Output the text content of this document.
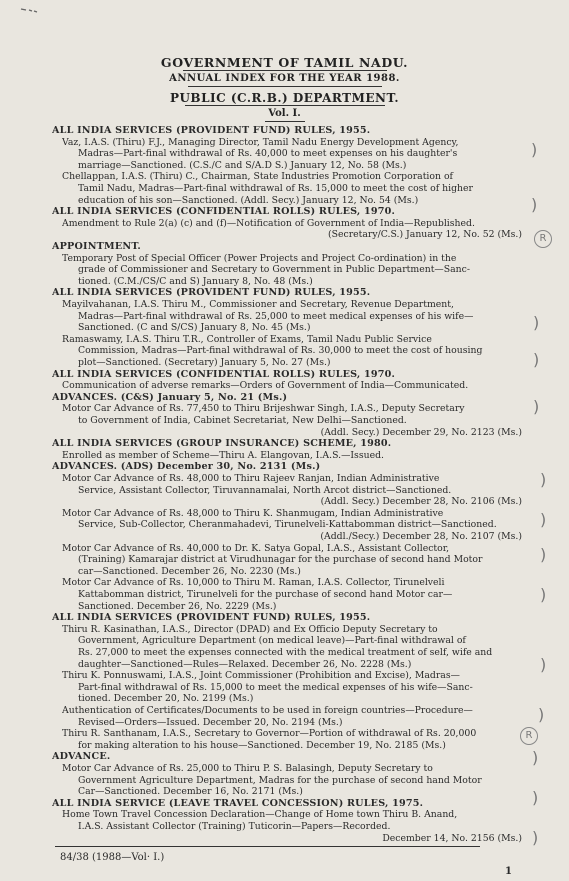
GOVERNMENT OF TAMIL NADU.
ANNUAL INDEX FOR THE YEAR 1988.
PUBLIC (C.R.B.) DEPARTMENT.
Vol. I.
ALL INDIA SERVICES (PROVIDENT FUND) RULES, 1955.
Vaz, I.A.S. (Thiru) F.J., Managing Director, Tamil Nadu Energy Development Agency,
Madras—Part-final withdrawal of Rs. 40,000 to meet expenses on his daughter's
marriage—Sanctioned. (C.S./C and S/A.D S.) January 12, No. 58 (Ms.)
Chellappan, I.A.S. (Thiru) C., Chairman, State Industries Promotion Corporation of
Tamil Nadu, Madras—Part-final withdrawal of Rs. 15,000 to meet the cost of higher
education of his son—Sanctioned. (Addl. Secy.) January 12, No. 54 (Ms.)
ALL INDIA SERVICES (CONFIDENTIAL ROLLS) RULES, 1970.
Amendment to Rule 2(a) (c) and (f)—Notification of Government of India—Republished.
(Secretary/C.S.) January 12, No. 52 (Ms.)
APPOINTMENT.
Temporary Post of Special Officer (Power Projects and Project Co-ordination) in the
grade of Commissioner and Secretary to Government in Public Department—Sanc-
tioned. (C.M./CS/C and S) January 8, No. 48 (Ms.)
ALL INDIA SERVICES (PROVIDENT FUND) RULES, 1955.
Mayilvahanan, I.A.S. Thiru M., Commissioner and Secretary, Revenue Department,
Madras—Part-final withdrawal of Rs. 25,000 to meet medical expenses of his wife—
Sanctioned. (C and S/CS) January 8, No. 45 (Ms.)
Ramaswamy, I.A.S. Thiru T.R., Controller of Exams, Tamil Nadu Public Service
Commission, Madras—Part-final withdrawal of Rs. 30,000 to meet the cost of housing
plot—Sanctioned. (Secretary) January 5, No. 27 (Ms.)
ALL INDIA SERVICES (CONFIDENTIAL ROLLS) RULES, 1970.
Communication of adverse remarks—Orders of Government of India—Communicated.
ADVANCES. (C&S) January 5, No. 21 (Ms.)
Motor Car Advance of Rs. 77,450 to Thiru Brijeshwar Singh, I.A.S., Deputy Secretary
to Government of India, Cabinet Secretariat, New Delhi—Sanctioned.
(Addl. Secy.) December 29, No. 2123 (Ms.)
ALL INDIA SERVICES (GROUP INSURANCE) SCHEME, 1980.
Enrolled as member of Scheme—Thiru A. Elangovan, I.A.S.—Issued.
ADVANCES. (ADS) December 30, No. 2131 (Ms.)
Motor Car Advance of Rs. 48,000 to Thiru Rajeev Ranjan, Indian Administrative
Service, Assistant Collector, Tiruvannamalai, North Arcot district—Sanctioned.
(Addl. Secy.) December 28, No. 2106 (Ms.)
Motor Car Advance of Rs. 48,000 to Thiru K. Shanmugam, Indian Administrative
Service, Sub-Collector, Cheranmahadevi, Tirunelveli-Kattabomman district—Sanctioned.
(Addl./Secy.) December 28, No. 2107 (Ms.)
Motor Car Advance of Rs. 40,000 to Dr. K. Satya Gopal, I.A.S., Assistant Collector,
(Training) Kamarajar district at Virudhunagar for the purchase of second hand Motor
car—Sanctioned. December 26, No. 2230 (Ms.)
Motor Car Advance of Rs. 10,000 to Thiru M. Raman, I.A.S. Collector, Tirunelveli
Kattabomman district, Tirunelveli for the purchase of second hand Motor car—
Sanctioned. December 26, No. 2229 (Ms.)
ALL INDIA SERVICES (PROVIDENT FUND) RULES, 1955.
Thiru R. Kasinathan, I.A.S., Director (DPAD) and Ex Officio Deputy Secretary to
Government, Agriculture Department (on medical leave)—Part-final withdrawal of
Rs. 27,000 to meet the expenses connected with the medical treatment of self, wife and
daughter—Sanctioned—Rules—Relaxed. December 26, No. 2228 (Ms.)
Thiru K. Ponnuswami, I.A.S., Joint Commissioner (Prohibition and Excise), Madras—
Part-final withdrawal of Rs. 15,000 to meet the medical expenses of his wife—Sanc-
tioned. December 20, No. 2199 (Ms.)
Authentication of Certificates/Documents to be used in foreign countries—Procedure—
Revised—Orders—Issued. December 20, No. 2194 (Ms.)
Thiru R. Santhanam, I.A.S., Secretary to Governor—Portion of withdrawal of Rs. 20,000
for making alteration to his house—Sanctioned. December 19, No. 2185 (Ms.)
ADVANCE.
Motor Car Advance of Rs. 25,000 to Thiru P. S. Balasingh, Deputy Secretary to
Government Agriculture Department, Madras for the purchase of second hand Motor
Car—Sanctioned. December 16, No. 2171 (Ms.)
ALL INDIA SERVICE (LEAVE TRAVEL CONCESSION) RULES, 1975.
Home Town Travel Concession Declaration—Change of Home town Thiru B. Anand,
I.A.S. Assistant Collector (Training) Tuticorin—Papers—Recorded.
December 14, No. 2156 (Ms.)
)
)
R
)
)
)
)
)
)
)
)
)
R
)
)
)
84/38 (1988—Vol· I.)
1
